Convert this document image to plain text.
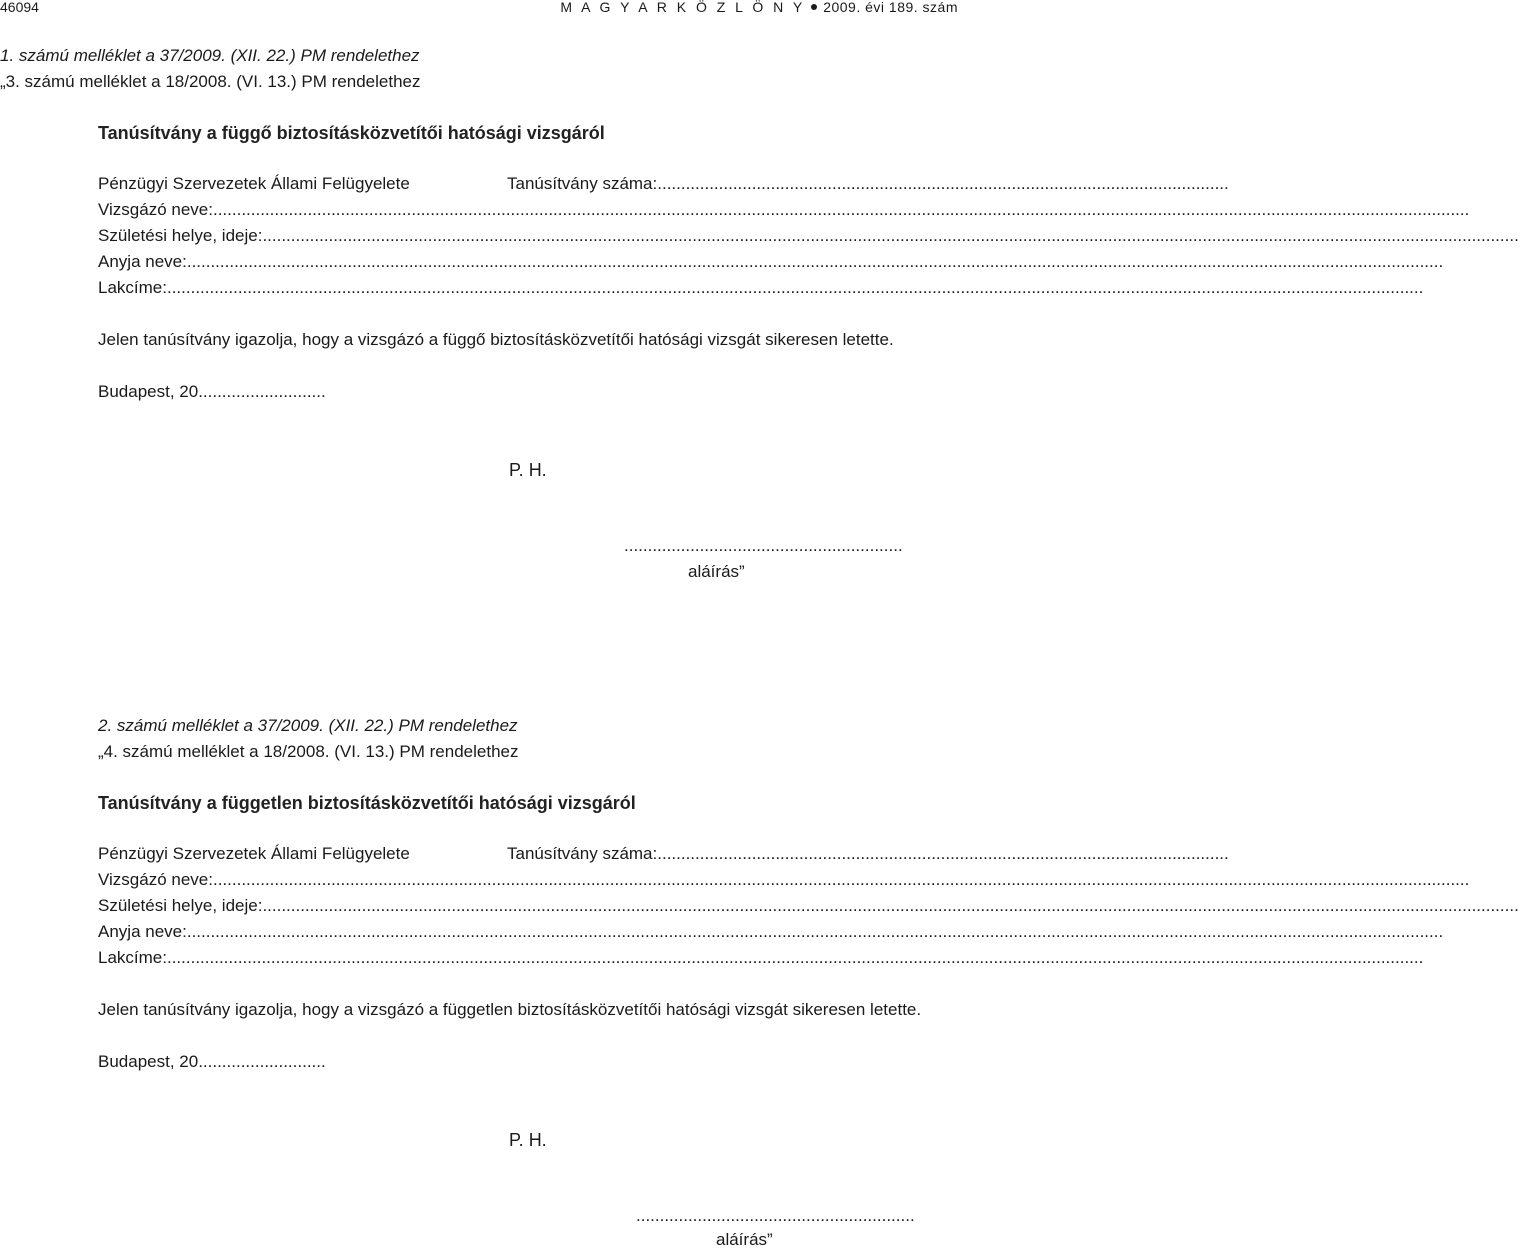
46094	M A G Y A R K Ö Z L Ö N Y 2009. évi 189. szám
1. számú melléklet a 37/2009. (XII. 22.) PM rendelethez
„3. számú melléklet a 18/2008. (VI. 13.) PM rendelethez
Tanúsítvány a függő biztosításközvetítői hatósági vizsgáról
Pénzügyi Szervezetek Állami Felügyelete	Tanúsítvány száma: .........................................................................................................................
Vizsgázó neve: ..........................................................................................................................................................................................................................................................................
Születési helye, ideje: ..........................................................................................................................................................................................................................................................................
Anyja neve: ..........................................................................................................................................................................................................................................................................
Lakcíme: ..........................................................................................................................................................................................................................................................................
Jelen tanúsítvány igazolja, hogy a vizsgázó a függő biztosításközvetítői hatósági vizsgát sikeresen letette.
Budapest, 20...........................
P. H.
...........................................................
aláírás”
2. számú melléklet a 37/2009. (XII. 22.) PM rendelethez
„4. számú melléklet a 18/2008. (VI. 13.) PM rendelethez
Tanúsítvány a független biztosításközvetítői hatósági vizsgáról
Pénzügyi Szervezetek Állami Felügyelete	Tanúsítvány száma: .........................................................................................................................
Vizsgázó neve: ..........................................................................................................................................................................................................................................................................
Születési helye, ideje: ..........................................................................................................................................................................................................................................................................
Anyja neve: ..........................................................................................................................................................................................................................................................................
Lakcíme: ..........................................................................................................................................................................................................................................................................
Jelen tanúsítvány igazolja, hogy a vizsgázó a független biztosításközvetítői hatósági vizsgát sikeresen letette.
Budapest, 20...........................
P. H.
...........................................................
aláírás”
